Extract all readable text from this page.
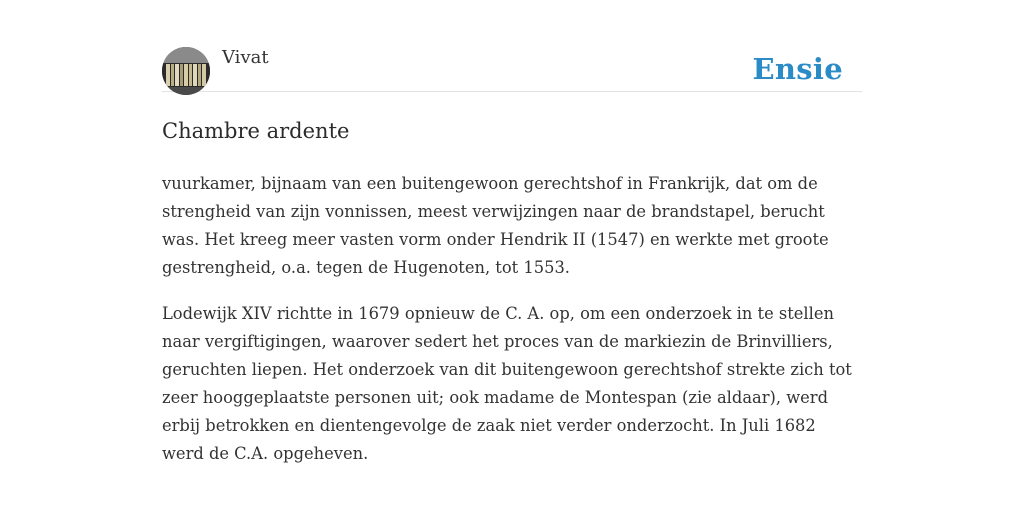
Vivat	Ensie
Chambre ardente

vuurkamer, bijnaam van een buitengewoon gerechtshof in Frankrijk, dat om de strengheid van zijn vonnissen, meest verwijzingen naar de brandstapel, berucht was. Het kreeg meer vasten vorm onder Hendrik II (1547) en werkte met groote gestrengheid, o.a. tegen de Hugenoten, tot 1553.

Lodewijk XIV richtte in 1679 opnieuw de C. A. op, om een onderzoek in te stellen naar vergiftigingen, waarover sedert het proces van de markiezin de Brinvilliers, geruchten liepen. Het onderzoek van dit buitengewoon gerechtshof strekte zich tot zeer hooggeplaatste personen uit; ook madame de Montespan (zie aldaar), werd erbij betrokken en dientengevolge de zaak niet verder onderzocht. In Juli 1682 werd de C.A. opgeheven.
